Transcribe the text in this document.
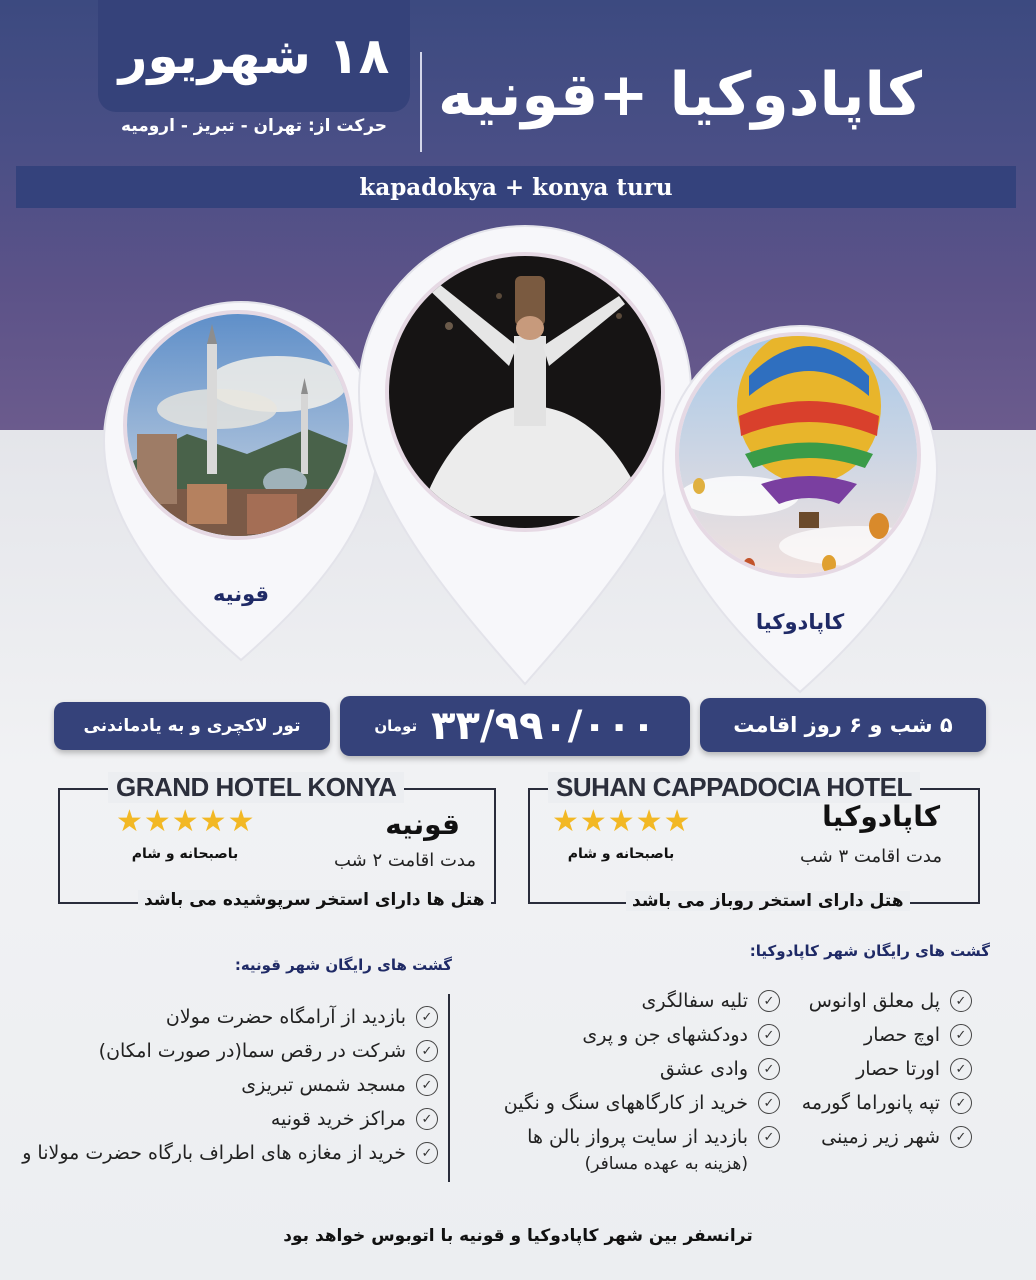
۱۸ شهریور
حرکت از: تهران - تبریز - ارومیه کاپادوکیا +قونیه
kapadokya + konya turu
قونیه
کاپادوکیا
تور لاکچری و به یادماندنی	۳۳/۹۹۰/۰۰۰
تومان	۵ شب و ۶ روز اقامت
GRAND HOTEL KONYA
قونیه
★★★★★
باصبحانه و شام	مدت اقامت ۲ شب
هتل ها دارای استخر سرپوشیده می باشد
SUHAN CAPPADOCIA HOTEL
کاپادوکیا
★★★★★
باصبحانه و شام	مدت اقامت ۳ شب
هتل دارای استخر روباز می باشد
گشت های رایگان شهر قونیه:
✓
بازدید از آرامگاه حضرت مولان
✓
شرکت در رقص سما(در صورت امکان)
✓
مسجد شمس تبریزی
✓
مراکز خرید قونیه
✓
خرید از مغازه های اطراف بارگاه حضرت مولانا و
گشت های رایگان شهر کاپادوکیا:
✓
پل معلق اوانوس
✓
اوچ حصار
✓
اورتا حصار
✓
تپه پانوراما گورمه
✓
شهر زیر زمینی
✓
تلیه سفالگری
✓
دودکشهای جن و پری
✓
وادی عشق
✓
خرید از کارگاههای سنگ و نگین
✓
بازدید از سایت پرواز بالن ها
(هزینه به عهده مسافر)
ترانسفر بین شهر کاپادوکیا و قونیه با اتوبوس خواهد بود
